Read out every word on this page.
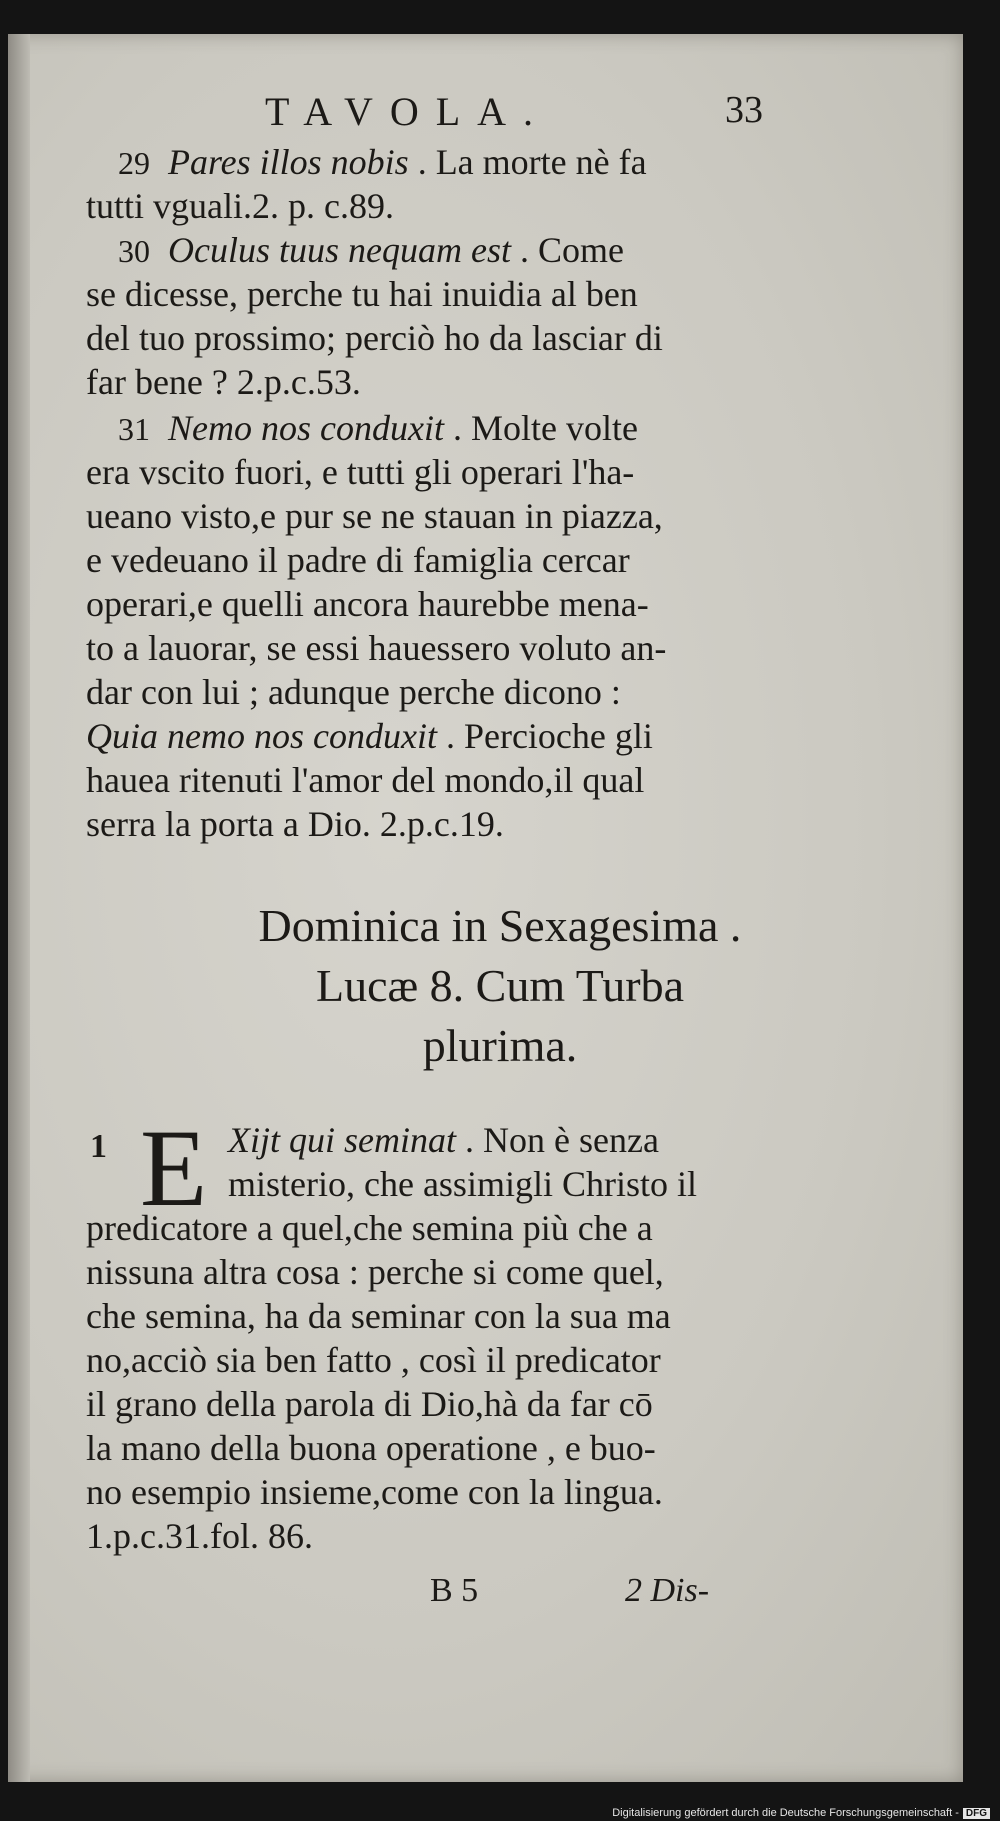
TAVOLA.	33
29 Pares illos nobis . La morte nè fa
tutti vguali.2. p. c.89.
30 Oculus tuus nequam est . Come
se dicesse, perche tu hai inuidia al ben
del tuo prossimo; perciò ho da lasciar di
far bene ? 2.p.c.53.
31 Nemo nos conduxit . Molte volte
era vscito fuori, e tutti gli operari l'ha-
ueano visto,e pur se ne stauan in piazza,
e vedeuano il padre di famiglia cercar
operari,e quelli ancora haurebbe mena-
to a lauorar, se essi hauessero voluto an-
dar con lui ; adunque perche dicono :
Quia nemo nos conduxit . Percioche gli
hauea ritenuti l'amor del mondo,il qual
serra la porta a Dio. 2.p.c.19.
Dominica in Sexagesima .
Lucæ 8. Cum Turba
plurima.
1 E Xijt qui seminat . Non è senza
misterio, che assimigli Christo il
predicatore a quel,che semina più che a
nissuna altra cosa : perche si come quel,
che semina, ha da seminar con la sua ma
no,acciò sia ben fatto , così il predicator
il grano della parola di Dio,hà da far cō
la mano della buona operatione , e buo-
no esempio insieme,come con la lingua.
1.p.c.31.fol. 86.
B 5	2 Dis-
Digitalisierung gefördert durch die Deutsche Forschungsgemeinschaft - DFG
